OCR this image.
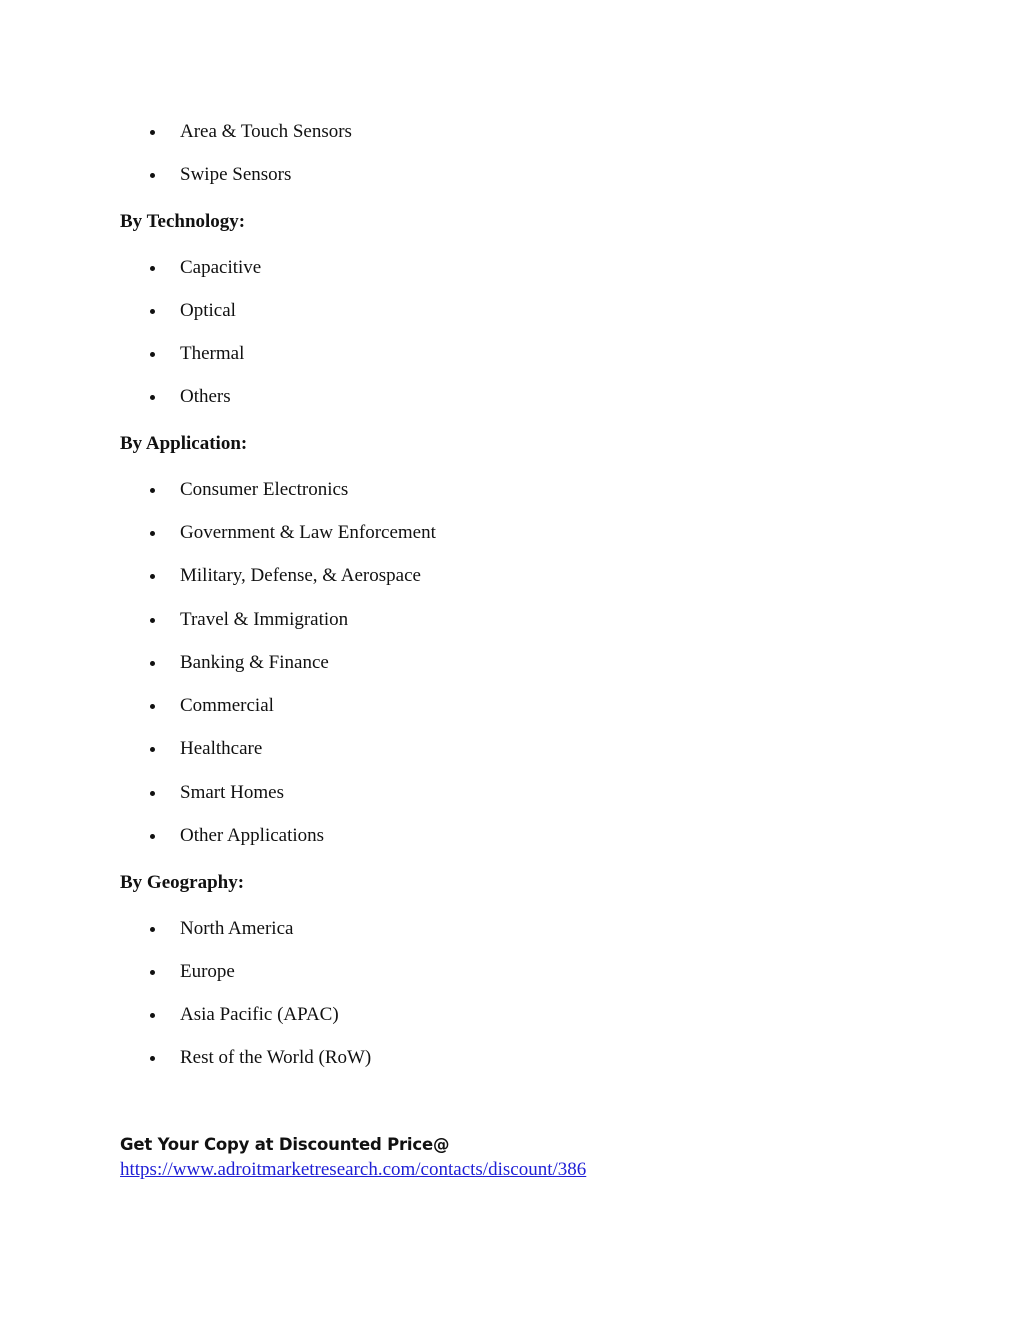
Area & Touch Sensors
Swipe Sensors
By Technology:
Capacitive
Optical
Thermal
Others
By Application:
Consumer Electronics
Government & Law Enforcement
Military, Defense, & Aerospace
Travel & Immigration
Banking & Finance
Commercial
Healthcare
Smart Homes
Other Applications
By Geography:
North America
Europe
Asia Pacific (APAC)
Rest of the World (RoW)
Get Your Copy at Discounted Price@
https://www.adroitmarketresearch.com/contacts/discount/386
